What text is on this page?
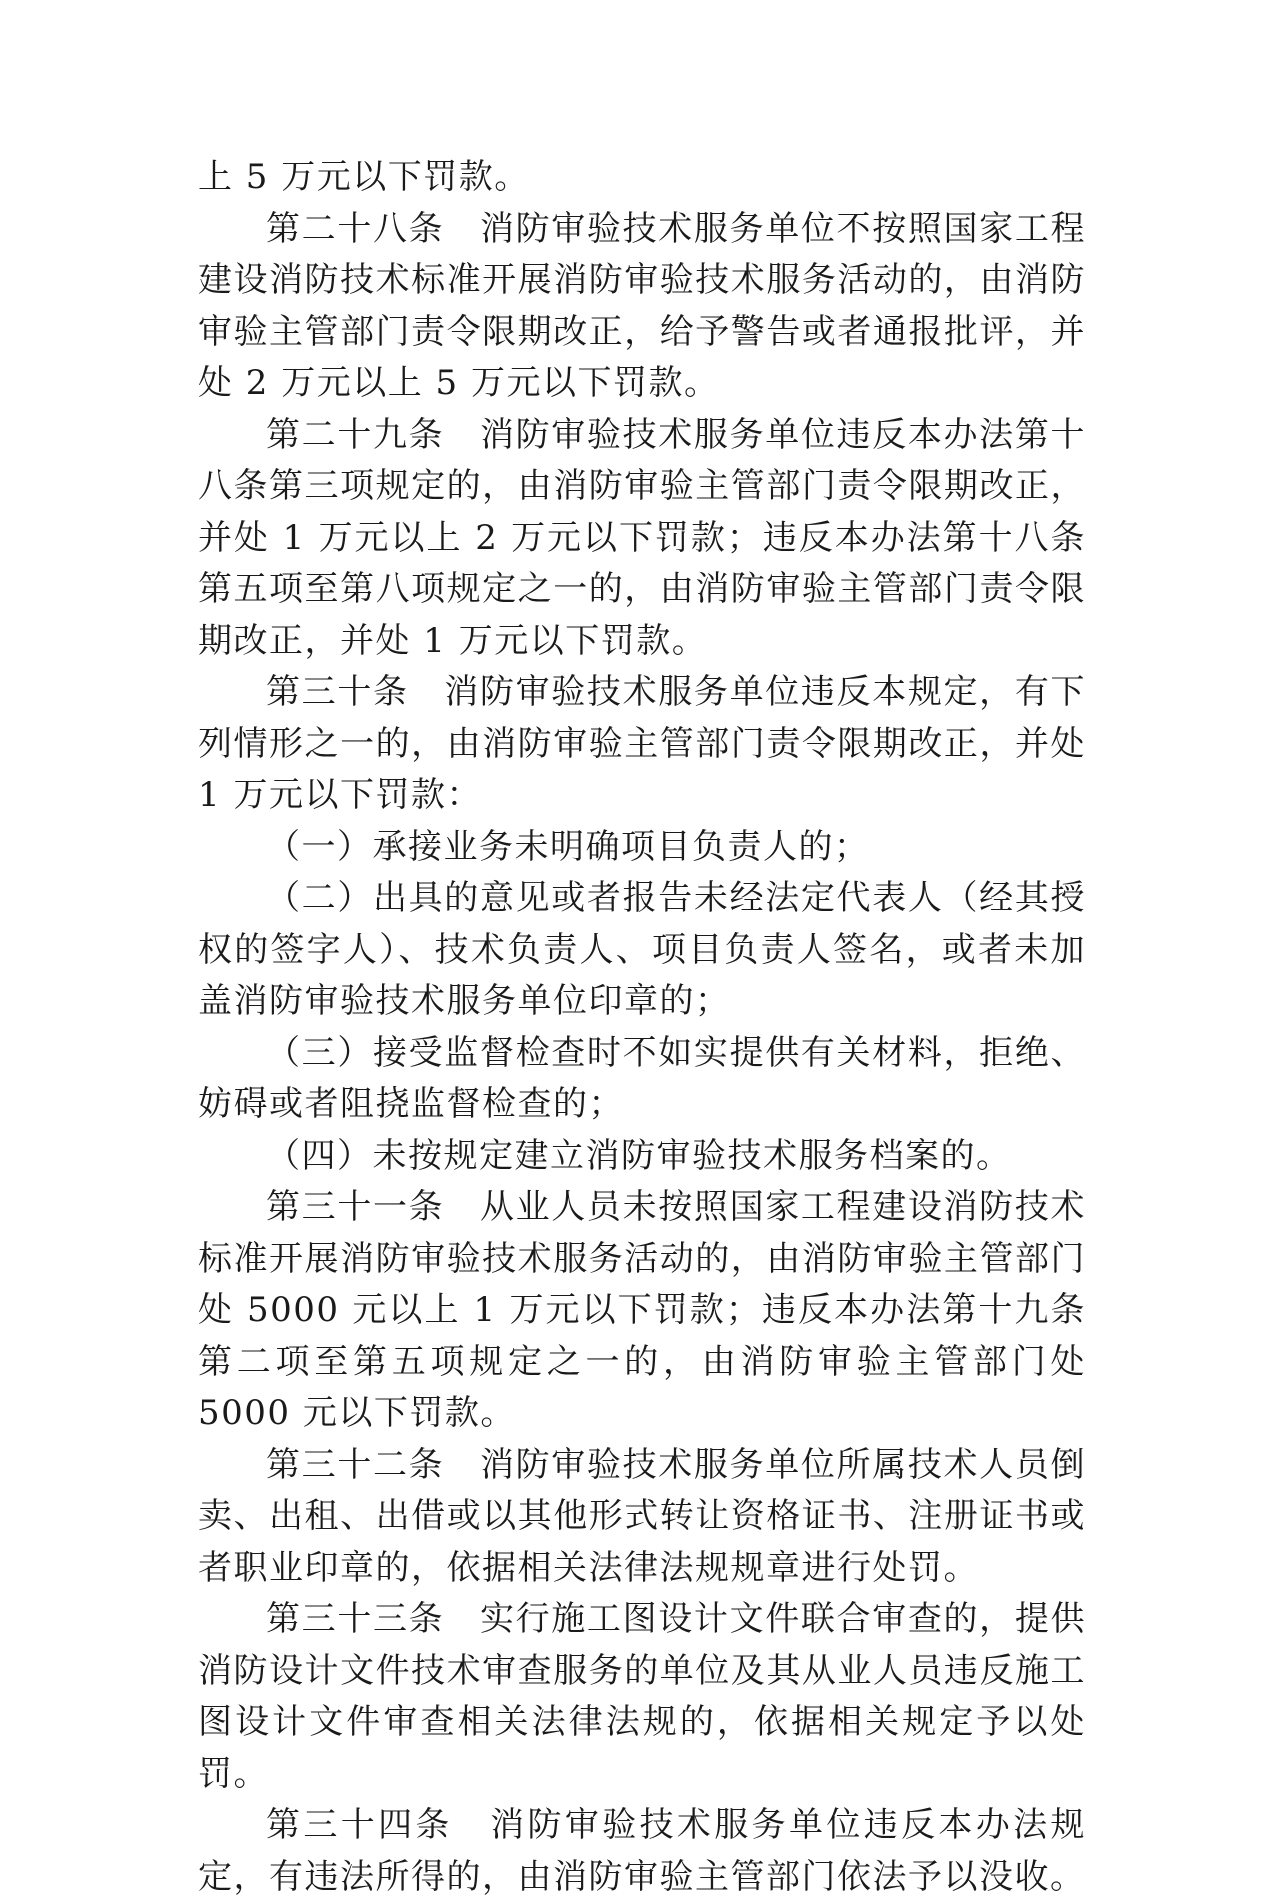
上 5 万元以下罚款。

第二十八条　消防审验技术服务单位不按照国家工程建设消防技术标准开展消防审验技术服务活动的，由消防审验主管部门责令限期改正，给予警告或者通报批评，并处 2 万元以上 5 万元以下罚款。

第二十九条　消防审验技术服务单位违反本办法第十八条第三项规定的，由消防审验主管部门责令限期改正，并处 1 万元以上 2 万元以下罚款；违反本办法第十八条第五项至第八项规定之一的，由消防审验主管部门责令限期改正，并处 1 万元以下罚款。

第三十条　消防审验技术服务单位违反本规定，有下列情形之一的，由消防审验主管部门责令限期改正，并处 1 万元以下罚款：

（一）承接业务未明确项目负责人的；

（二）出具的意见或者报告未经法定代表人（经其授权的签字人）、技术负责人、项目负责人签名，或者未加盖消防审验技术服务单位印章的；

（三）接受监督检查时不如实提供有关材料，拒绝、妨碍或者阻挠监督检查的；

（四）未按规定建立消防审验技术服务档案的。

第三十一条　从业人员未按照国家工程建设消防技术标准开展消防审验技术服务活动的，由消防审验主管部门处 5000 元以上 1 万元以下罚款；违反本办法第十九条第二项至第五项规定之一的，由消防审验主管部门处 5000 元以下罚款。

第三十二条　消防审验技术服务单位所属技术人员倒卖、出租、出借或以其他形式转让资格证书、注册证书或者职业印章的，依据相关法律法规规章进行处罚。

第三十三条　实行施工图设计文件联合审查的，提供消防设计文件技术审查服务的单位及其从业人员违反施工图设计文件审查相关法律法规的，依据相关规定予以处罚。

第三十四条　消防审验技术服务单位违反本办法规定，有违法所得的，由消防审验主管部门依法予以没收。
